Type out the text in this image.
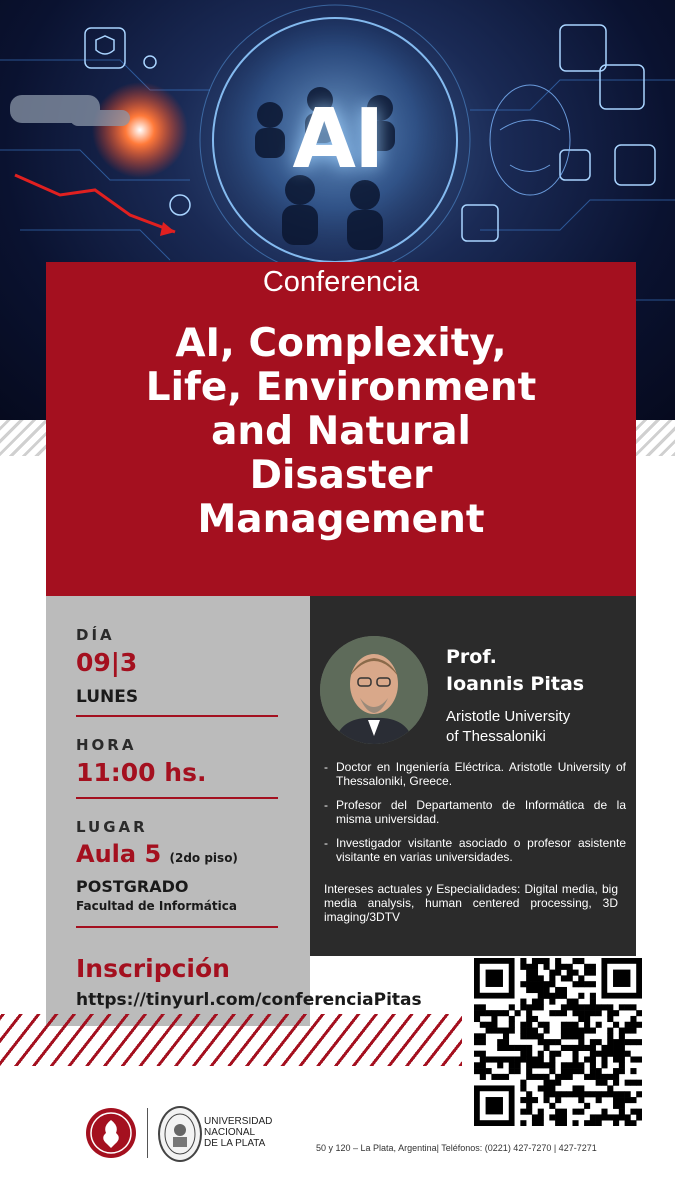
AI
Conferencia
AI, Complexity,
Life, Environment
and Natural
Disaster
Management
DÍA
09|3
LUNES
HORA
11:00 hs.
LUGAR
Aula 5 (2do piso)
POSTGRADO
Facultad de Informática
Prof.
Ioannis Pitas
Aristotle University
of Thessaloniki
- Doctor en Ingeniería Eléctrica. Aristotle University of Thessaloniki, Greece.
- Profesor del Departamento de Informática de la misma universidad.
- Investigador visitante asociado o profesor asistente visitante en varias universidades.
Intereses actuales y Especialidades: Digital media, big media analysis, human centered processing, 3D imaging/3DTV
Inscripción
https://tinyurl.com/conferenciaPitas
UNIVERSIDAD
NACIONAL
DE LA PLATA	50 y 120 – La Plata, Argentina| Teléfonos: (0221) 427-7270 | 427-7271
